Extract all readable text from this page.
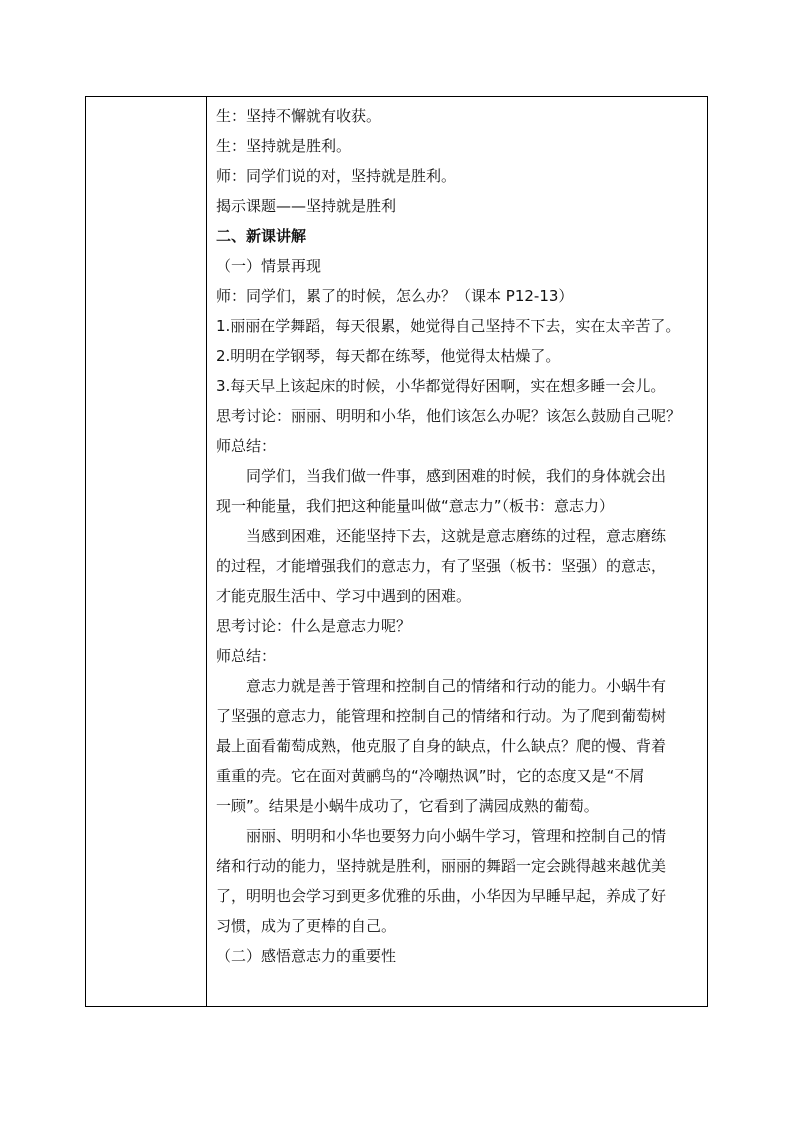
生：坚持不懈就有收获。
生：坚持就是胜利。
师：同学们说的对，坚持就是胜利。
揭示课题——坚持就是胜利
二、新课讲解
（一）情景再现
师：同学们，累了的时候，怎么办？（课本 P12-13）
1.丽丽在学舞蹈，每天很累，她觉得自己坚持不下去，实在太辛苦了。
2.明明在学钢琴，每天都在练琴，他觉得太枯燥了。
3.每天早上该起床的时候，小华都觉得好困啊，实在想多睡一会儿。
思考讨论：丽丽、明明和小华，他们该怎么办呢？该怎么鼓励自己呢？
师总结：
同学们，当我们做一件事，感到困难的时候，我们的身体就会出
现一种能量，我们把这种能量叫做“意志力”（板书：意志力）
当感到困难，还能坚持下去，这就是意志磨练的过程，意志磨练
的过程，才能增强我们的意志力，有了坚强（板书：坚强）的意志，
才能克服生活中、学习中遇到的困难。
思考讨论：什么是意志力呢？
师总结：
意志力就是善于管理和控制自己的情绪和行动的能力。小蜗牛有
了坚强的意志力，能管理和控制自己的情绪和行动。为了爬到葡萄树
最上面看葡萄成熟，他克服了自身的缺点，什么缺点？爬的慢、背着
重重的壳。它在面对黄鹂鸟的“冷嘲热讽”时，它的态度又是“不屑
一顾”。结果是小蜗牛成功了，它看到了满园成熟的葡萄。
丽丽、明明和小华也要努力向小蜗牛学习，管理和控制自己的情
绪和行动的能力，坚持就是胜利，丽丽的舞蹈一定会跳得越来越优美
了，明明也会学习到更多优雅的乐曲，小华因为早睡早起，养成了好
习惯，成为了更棒的自己。
（二）感悟意志力的重要性
